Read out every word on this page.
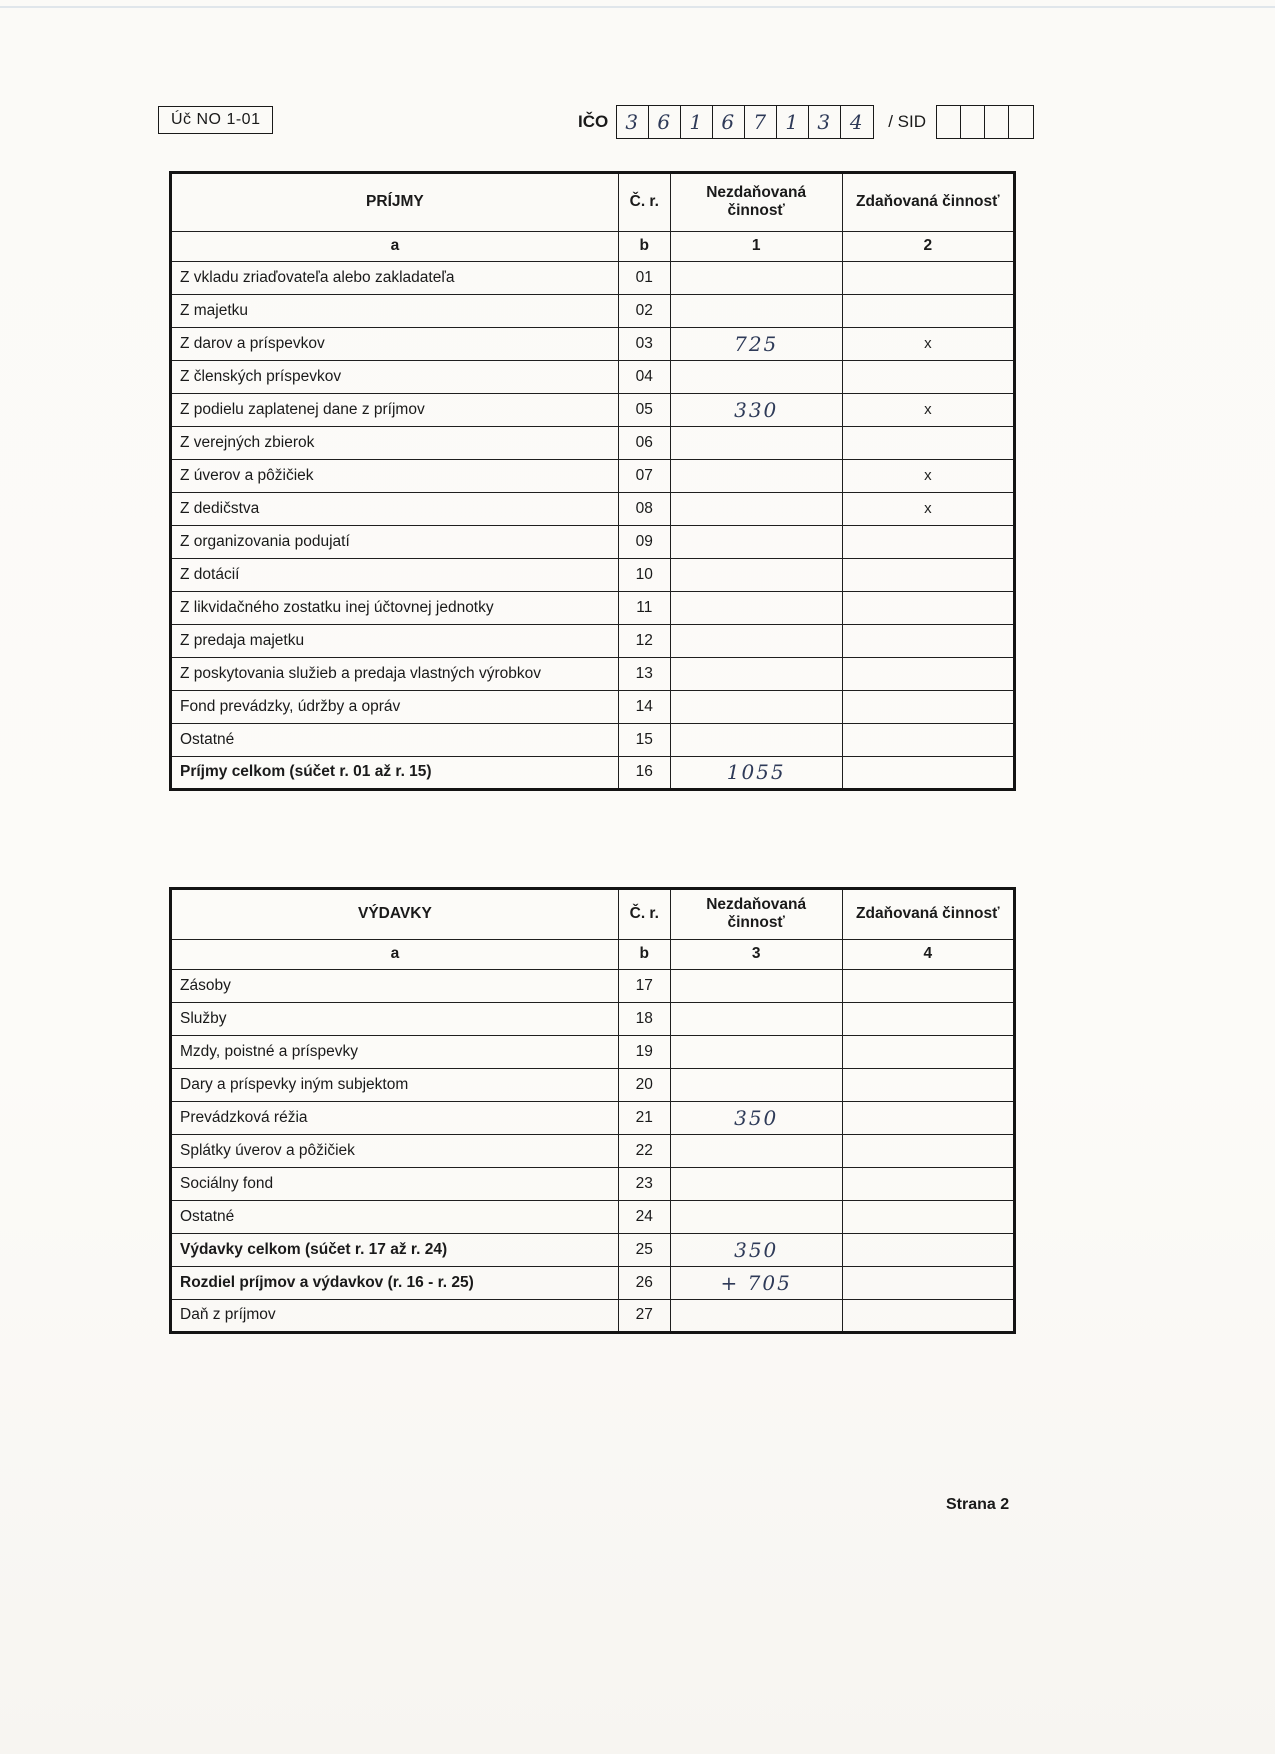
Úč NO 1-01	IČO 3 6 1 6 7 1 3 4	/ SID
PRÍJMY	Č. r.	Nezdaňovaná činnosť	Zdaňovaná činnosť
a	b	1	2
Z vkladu zriaďovateľa alebo zakladateľa	01		
Z majetku	02		
Z darov a príspevkov	03	725	x
Z členských príspevkov	04		
Z podielu zaplatenej dane z príjmov	05	330	x
Z verejných zbierok	06		
Z úverov a pôžičiek	07		x
Z dedičstva	08		x
Z organizovania podujatí	09		
Z dotácií	10		
Z likvidačného zostatku inej účtovnej jednotky	11		
Z predaja majetku	12		
Z poskytovania služieb a predaja vlastných výrobkov	13		
Fond prevádzky, údržby a opráv	14		
Ostatné	15		
Príjmy celkom (súčet r. 01 až r. 15)	16	1055	
VÝDAVKY	Č. r.	Nezdaňovaná činnosť	Zdaňovaná činnosť
a	b	3	4
Zásoby	17		
Služby	18		
Mzdy, poistné a príspevky	19		
Dary a príspevky iným subjektom	20		
Prevádzková réžia	21	350	
Splátky úverov a pôžičiek	22		
Sociálny fond	23		
Ostatné	24		
Výdavky celkom (súčet r. 17 až r. 24)	25	350	
Rozdiel príjmov a výdavkov (r. 16 - r. 25)	26	+ 705	
Daň z príjmov	27		
Strana 2
